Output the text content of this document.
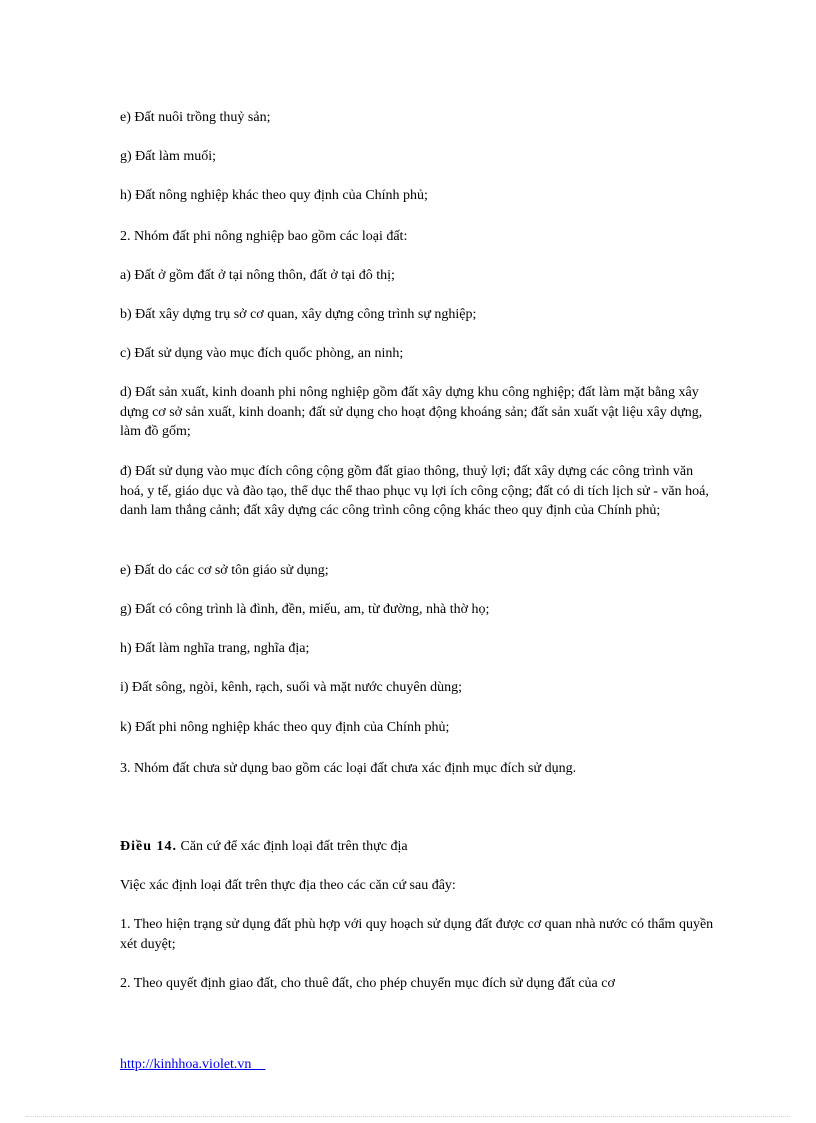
e) Đất nuôi trồng thuỷ sản;

g) Đất làm muối;

h) Đất nông nghiệp khác theo quy định của Chính phủ;

2. Nhóm đất phi nông nghiệp bao gồm các loại đất:

a) Đất ở gồm đất ở tại nông thôn, đất ở tại đô thị;

b) Đất xây dựng trụ sở cơ quan, xây dựng công trình sự nghiệp;

c) Đất sử dụng vào mục đích quốc phòng, an ninh;

d) Đất sản xuất, kinh doanh phi nông nghiệp gồm đất xây dựng khu công nghiệp; đất làm mặt bằng xây dựng cơ sở sản xuất, kinh doanh; đất sử dụng cho hoạt động khoáng sản; đất sản xuất vật liệu xây dựng, làm đồ gốm;

đ) Đất sử dụng vào mục đích công cộng gồm đất giao thông, thuỷ lợi; đất xây dựng các công trình văn hoá, y tế, giáo dục và đào tạo, thể dục thể thao phục vụ lợi ích công cộng; đất có di tích lịch sử - văn hoá, danh lam thắng cảnh; đất xây dựng các công trình công cộng khác theo quy định của Chính phủ;

e) Đất do các cơ sở tôn giáo sử dụng;

g) Đất có công trình là đình, đền, miếu, am, từ đường, nhà thờ họ;

h) Đất làm nghĩa trang, nghĩa địa;

i) Đất sông, ngòi, kênh, rạch, suối và mặt nước chuyên dùng;

k) Đất phi nông nghiệp khác theo quy định của Chính phủ;

3. Nhóm đất chưa sử dụng bao gồm các loại đất chưa xác định mục đích sử dụng.

Điều 14. Căn cứ để xác định loại đất trên thực địa

Việc xác định loại đất trên thực địa theo các căn cứ sau đây:

1. Theo hiện trạng sử dụng đất phù hợp với quy hoạch sử dụng đất được cơ quan nhà nước có thẩm quyền xét duyệt;

2. Theo quyết định giao đất, cho thuê đất, cho phép chuyển mục đích sử dụng đất của cơ

http://kinhhoa.violet.vn
